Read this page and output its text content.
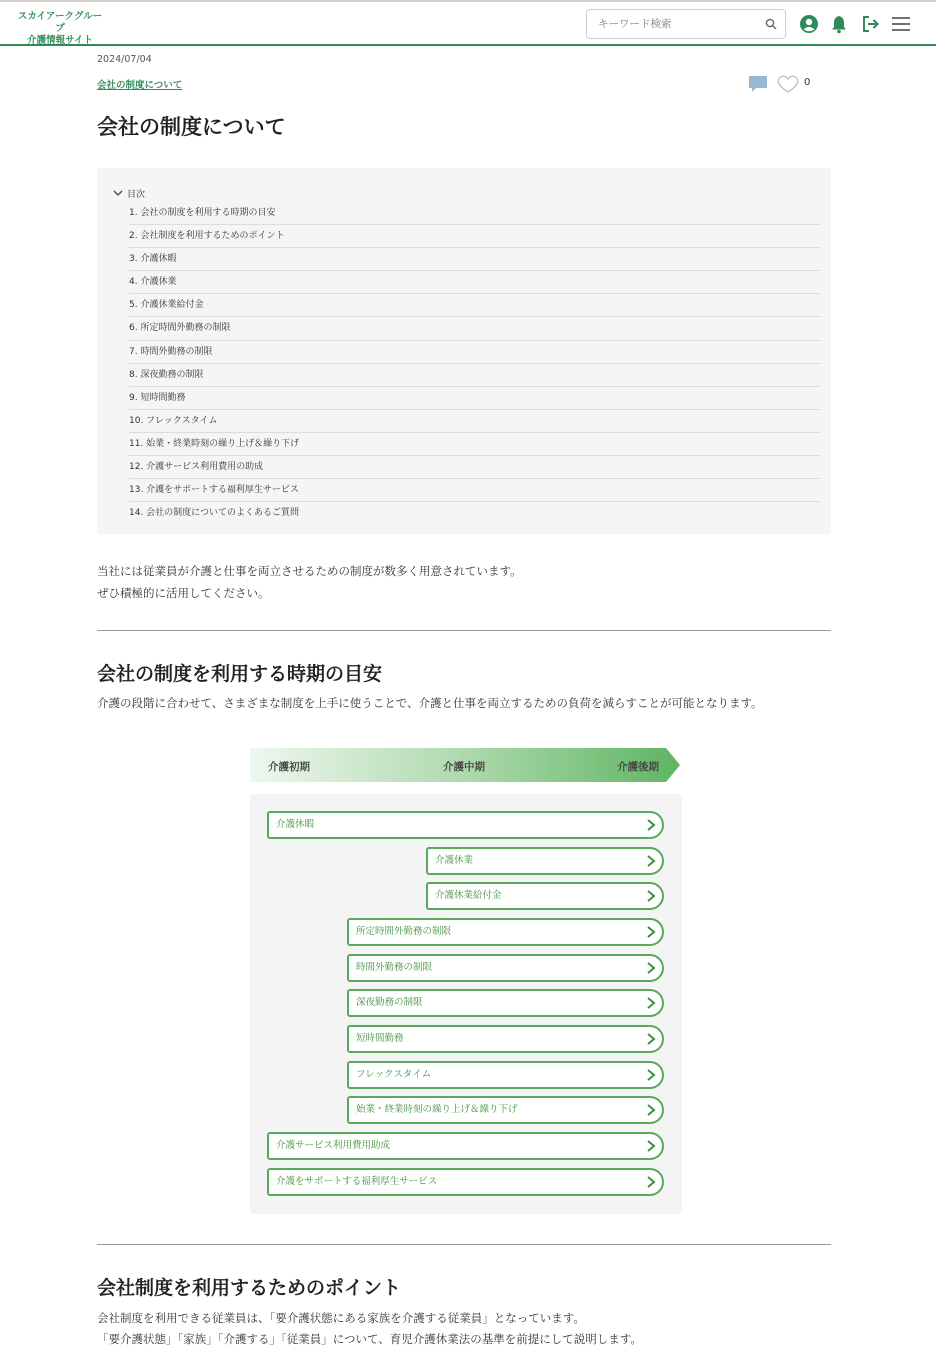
スカイアークグループ
介護情報サイト
キーワード検索
2024/07/04
会社の制度について	0
会社の制度について
目次
1. 会社の制度を利用する時期の目安
2. 会社制度を利用するためのポイント
3. 介護休暇
4. 介護休業
5. 介護休業給付金
6. 所定時間外勤務の制限
7. 時間外勤務の制限
8. 深夜勤務の制限
9. 短時間勤務
10. フレックスタイム
11. 始業・終業時刻の繰り上げ＆繰り下げ
12. 介護サービス利用費用の助成
13. 介護をサポートする福利厚生サービス
14. 会社の制度についてのよくあるご質問
当社には従業員が介護と仕事を両立させるための制度が数多く用意されています。
ぜひ積極的に活用してください。
会社の制度を利用する時期の目安
介護の段階に合わせて、さまざまな制度を上手に使うことで、介護と仕事を両立するための負荷を減らすことが可能となります。
介護初期	介護中期	介護後期
介護休暇
介護休業
介護休業給付金
所定時間外勤務の制限
時間外勤務の制限
深夜勤務の制限
短時間勤務
フレックスタイム
始業・終業時刻の繰り上げ＆繰り下げ
介護サービス利用費用助成
介護をサポートする福利厚生サービス
会社制度を利用するためのポイント
会社制度を利用できる従業員は、「要介護状態にある家族を介護する従業員」となっています。
「要介護状態」「家族」「介護する」「従業員」について、育児介護休業法の基準を前提にして説明します。
